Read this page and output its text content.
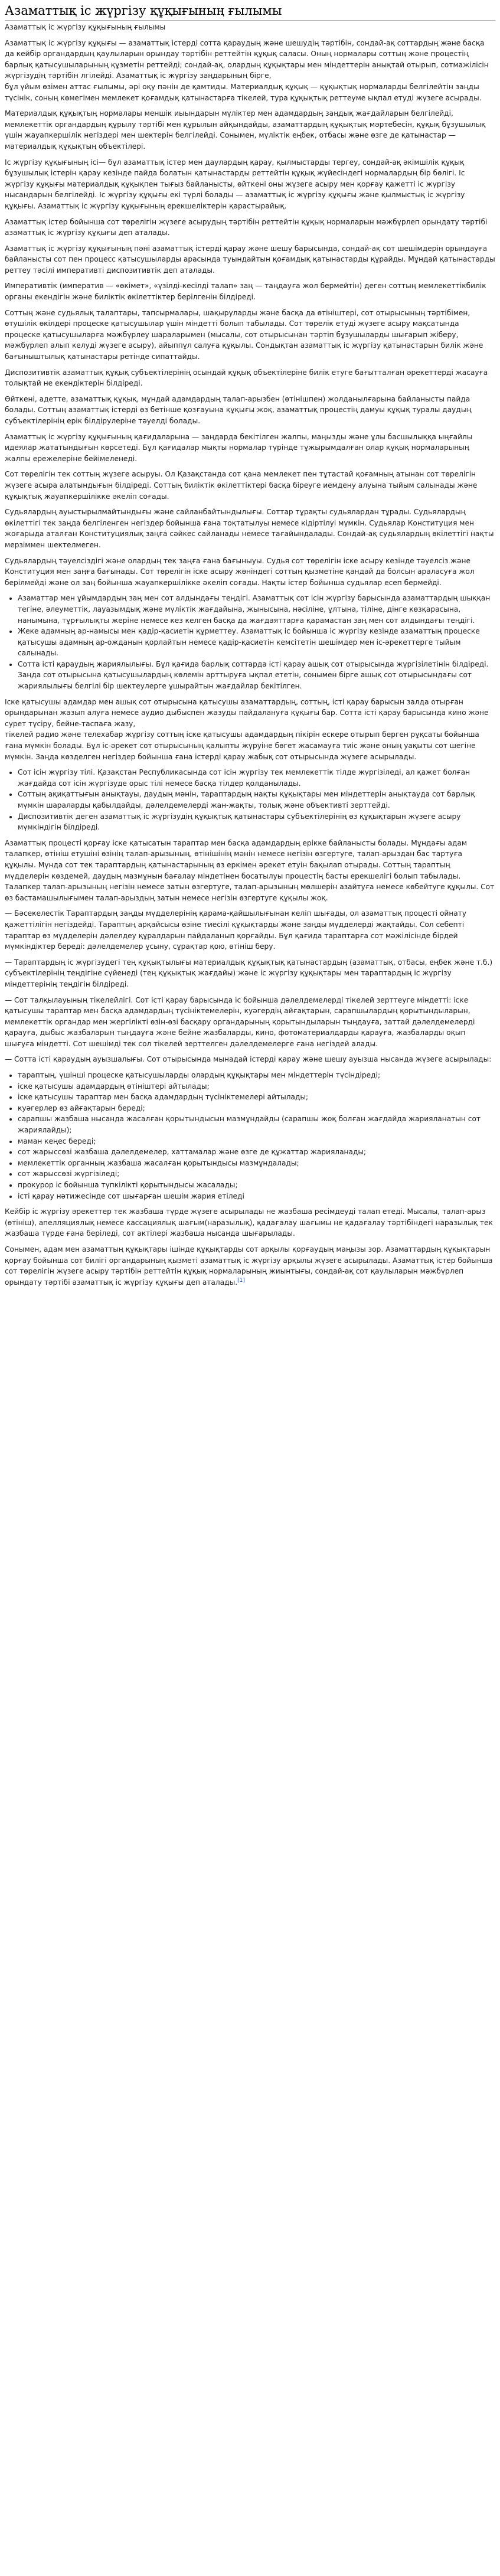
Азаматтық іс жүргізу құқығының ғылымы
Азаматтық іс жүргізу құқығының ғылымы

Азаматтық іс жүргізу құқығы — азаматтық істерді сотта қараудың және шешудің тәртібін, сондай-ақ соттардың және басқа да кейбір органдардың қаулыларын орындау тәртібін реттейтін құқық саласы. Оның нормалары соттың және процестің барлық қатысушыларының құзметін реттейді; сондай-ақ, олардың құқықтары мен міндеттерін анықтай отырып, сотмажілісін жүргізудің тәртібін лгілейді. Азаматтық іс жүргізу заңдарының бірге,
бұл үйым өзімен аттас ғылымы, әрі оқу пәнін де қамтиды. Материалдық құқық — құқықтық нормаларды белгілейтін заңды түсінік, соның көмегімен мемлекет қоғамдық қатынастарға тікелей, тура құқықтық реттеуме ықпал етуді жүзеге асырады.

Материалдық құқықтың нормалары меншік иыындарын мүліктер мен адамдардың заңдық жағдайларын белгілейді, мемлекеттік органдардың құрылу тәртібі мен құрылын айқындайды, азаматтардың құқықтық мәртебесін, құқық бұзушылық үшін жауапкершілік негіздері мен шектерін белгілейді. Сонымен, мүліктік еңбек, отбасы және өзге де қатынастар — материалдық құқықтың объектілері.

Іс жүргізу құқығының ісі— бұл азаматтық істер мен даулардың қарау, қылмыстарды тергеу, сондай-ақ әкімшілік құқық бұзушылық істерін қарау кезінде пайда болатын қатынастарды реттейтін құқық жүйесіндегі нормалардың бір бөлігі. Іс жүргізу құқығы материалдық құқықпен тығыз байланысты, өйткені оны жүзеге асыру мен қорғау қажетті іс жүргізу нысандарын белгілейді. Іс жүргізу құқығы екі түрлі болады — азаматтық іс жүргізу құқығы және қылмыстық іс жүргізу құқығы. Азаматтық іс жүргізу құқығының ерекшеліктерін қарастырайық.

Азаматтық істер бойынша сот төрелігін жүзеге асырудың тәртібін реттейтін құқық нормаларын мәжбүрлеп орындату тәртібі азаматтық іс жүргізу құқығы деп аталады.

Азаматтық іс жүргізу құқығының пәні азаматтық істерді қарау және шешу барысында, сондай-ақ сот шешімдерін орындауға байланысты сот пен процесс қатысушыларды арасында туындайтын қоғамдық қатынастарды құрайды. Мұндай қатынастарды реттеу тәсілі императивті диспозитивтік деп аталады.

Императивтік (императив — «өкімет», «үзілді-кесілді талап» заң — таңдауға жол бермейтін) деген соттың мемлекеттікбилік органы екендігін және биліктік өкілеттіктер берілгенін білдіреді.

Соттың және судьялық талаптары, тапсырмалары, шақыруларды және басқа да өтініштері, сот отырысының тәртібімен, өтушілік өкілдері процеске қатысушылар үшін міндетті болып табылады. Сот төрелік етуді жүзеге асыру мақсатында процеске қатысушыларға мәжбүрлеу шараларымен (мысалы, сот отырысынан тәртіп бұзушыларды шығарып жіберу, мәжбүрлеп алып келуді жүзеге асыру), айыппұл салуға құқылы. Сондықтан азаматтық іс жүргізу қатынастарын билік және бағыныштылық қатынастары ретінде сипаттайды.

Диспозитивтік азаматтық құқық субъектілерінің осындай құқық объектілеріне билік етуге бағытталған әрекеттерді жасауға толықтай не екендіктерін білдіреді.

Өйткені, адетте, азаматтық құқық, мұндай адамдардың талап-арызбен (өтінішпен) жолданылғарына байланысты пайда болады. Соттың азаматтық істерді өз бетінше қозғауына құқығы жоқ, азаматтық процестің дамуы құқық туралы даудың субъектілерінің ерік білдірулеріне тәуелді болады.

Азаматтық іс жүргізу құқығының қағидаларына — заңдарда бекітілген жалпы, маңызды және ұлы басшылыққа ыңғайлы идеялар жататындығын көрсетеді. Бұл қағидалар мықты нормалар түрінде тұжырымдалған олар құқық нормаларының жалпы ережелеріне бейімеленеді.

Сот төрелігін тек соттың жүзеге асыруы. Ол Қазақстанда сот қана мемлекет пен тұтастай қоғамның атынан сот төрелігін жүзеге асыра алатындығын білдіреді. Соттың биліктік өкілеттіктері басқа біреуге иемдену алуына тыйым салынады және құқықтық жауапкершілікке әкеліп соғады.

Судьялардың ауыстырылмайтындығы және сайланбайтындылығы. Соттар тұрақты судьялардан тұрады. Судьялардың өкілеттігі тек заңда белгіленген негіздер бойынша ғана тоқтатылуы немесе кідіртілуі мүмкін. Судьялар Конституция мен жоғарыда аталған Конституциялық заңға сәйкес сайланады немесе тағайындалады. Сондай-ақ судьялардың өкілеттігі нақты мерзіммен шектелмеген.

Судьялардың тәуелсіздігі және олардың тек заңға ғана бағыныуы. Судья сот төрелігін іске асыру кезінде тәуелсіз және Конституция мен заңға бағынады. Сот төрелігін іске асыру жөніндегі соттың қызметіне қандай да болсын араласуға жол берілмейді және ол заң бойынша жауапкершілікке әкеліп соғады. Нақты істер бойынша судьялар есеп бермейді.

• Азаматтар мен ұйымдардың заң мен сот алдындағы теңдігі. Азаматтық сот ісін жүргізу барысында азаматтардың шыққан тегіне, әлеуметтік, лауазымдық және мүліктік жағдайына, жынысына, нәсіліне, ұлтына, тіліне, дінге көзқарасына, нанымына, тұрғылықты жеріне немесе кез келген басқа да жағдаяттарға қарамастан заң мен сот алдындағы теңдігі.
• Жеке адамның ар-намысы мен қадір-қасиетін құрметтеу. Азаматтық іс бойынша іс жүргізу кезінде азаматтың процеске қатысушы адамның ар-ожданын қорлайтын немесе қадір-қасиетін кемсітетін шешімдер мен іс-әрекеттерге тыйым салынады.
• Сотта істі қараудың жариялылығы. Бұл қағида барлық соттарда істі қарау ашық сот отырысында жүргізілетінін білдіреді. Заңда сот отырысына қатысушылардың көлемін арттыруға ықпал ететін, сонымен бірге ашық сот отырысындағы сот жариялылығы белгілі бір шектеулерге ұшырайтын жағдайлар бекітілген.

Іске қатысушы адамдар мен ашық сот отырысына қатысушы азаматтардың, соттың, істі қарау барысын залда отырған орындарынан жазып алуға немесе аудио дыбыспен жазуды пайдалануға құқығы бар. Сотта істі қарау барысында кино және сурет түсіру, бейне-таспаға жазу,
тікелей радио және телехабар жүргізу соттың іске қатысушы адамдардың пікірін ескере отырып берген рұқсаты бойынша ғана мүмкін болады. Бұл іс-әрекет сот отырысының қалыпты жүруіне бөгет жасамауға тиіс және оның уақыты сот шегіне мүмкін. Заңда көзделген негіздер бойынша ғана істерді қарау жабық сот отырысында жүзеге асырылады.

• Сот ісін жүргізу тілі. Қазақстан Республикасында сот ісін жүргізу тек мемлекеттік тілде жүргізіледі, ал қажет болған жағдайда сот ісін жүргізуде орыс тілі немесе басқа тілдер қолданылады.
• Соттың ақиқаттығын анықтауы, даудың мәнін, тараптардың нақты құқықтары мен міндеттерін анықтауда сот барлық мүмкін шараларды қабылдайды, дәлелдемелерді жан-жақты, толық және объективті зерттейді.
• Диспозитивтік деген азаматтық іс жүргізудің құқықтық қатынастары субъектілерінің өз құқықтарын жүзеге асыру мүмкіндігін білдіреді.

Азаматтық процесті қорғау іске қатысатын тараптар мен басқа адамдардың ерікке байланысты болады. Мұндағы адам талапкер, өтініш етушіні өзінің талап-арызының, өтінішінің мәнін немесе негізін өзгертуге, талап-арыздан бас тартуға құқылы. Мүнда сот тек тараптардың қатынастарының өз еркімен әрекет етуін бақылап отырады. Соттың тараптың мүдделерін көздемей, даудың мазмұнын бағалау міндетінен босатылуы процестің басты ерекшелігі болып табылады. Талапкер талап-арызының негізін немесе затын өзгертуге, талап-арызының мөлшерін азайтуға немесе көбейтуге құқылы. Сот өз бастамашылығымен талап-арыздың затын немесе негізін өзгертуге құқылы жоқ.

— Бәсекелестік Тараптардың заңды мүдделерінің қарама-қайшылығынан келіп шығады, ол азаматтық процесті ойнату қажеттілігін негіздейді. Тараптың арқайсысы өзіне тиесілі құқықтарды және заңды мүдделерді жақтайды. Сол себепті тараптар өз мүдделерін дәлелдеу құралдарын пайдаланып қорғайды. Бұл қағида тараптарға сот мәжілісінде бірдей мүмкіндіктер береді: дәлелдемелер ұсыну, сұрақтар қою, өтініш беру.

— Тараптардың іс жүргізудегі тең құқықтылығы материалдық құқықтық қатынастардың (азаматтық, отбасы, еңбек және т.б.) субъектілерінің теңдігіне сүйенеді (тең құқықтық жағдайы) және іс жүргізу құқықтары мен тараптардың іс жүргізу міндеттерінің теңдігін білдіреді.

— Сот талқылауының тікелейлігі. Сот істі қарау барысында іс бойынша дәлелдемелерді тікелей зерттеуге міндетті: іске қатысушы тараптар мен басқа адамдардың түсініктемелерін, куәгердің айғақтарын, сарапшылардың қорытындыларын, мемлекеттік органдар мен жергілікті өзін-өзі басқару органдарының қорытындыларын тыңдауға, заттай дәлелдемелерді қарауға, дыбыс жазбаларын тыңдауға және бейне жазбаларды, кино, фотоматериалдарды қарауға, жазбаларды оқып шығуға міндетті. Сот шешімді тек сол тікелей зерттелген дәлелдемелерге ғана негіздей алады.

— Сотта істі қараудың ауызшалығы. Сот отырысында мынадай істерді қарау және шешу ауызша нысанда жүзеге асырылады:

• тараптың, үшінші процеске қатысушыларды олардың құқықтары мен міндеттерін түсіндіреді;
• іске қатысушы адамдардың өтініштері айтылады;
• іске қатысушы тараптар мен басқа адамдардың түсініктемелері айтылады;
• куәгерлер өз айғақтарын береді;
• сарапшы жазбаша нысанда жасалған қорытындысын мазмұндайды (сарапшы жоқ болған жағдайда жарияланатын сот жариялайды);
• маман кеңес береді;
• сот жарыссөзі жазбаша дәлелдемелер, хаттамалар және өзге де құжаттар жарияланады;
• мемлекеттік органның жазбаша жасалған қорытындысы мазмұндалады;
• сот жарыссөзі жүргізіледі;
• прокурор іс бойынша түпкілікті қорытындысы жасалады;
• істі қарау нәтижесінде сот шығарған шешім жария етіледі

Кейбір іс жүргізу әрекеттер тек жазбаша түрде жүзеге асырылады не жазбаша ресімдеуді талап етеді. Мысалы, талап-арыз (өтініш), апелляциялық немесе кассациялық шағым(наразылық), қадағалау шағымы не қадағалау тәртібіндегі наразылық тек жазбаша түрде ғана беріледі, сот актілері жазбаша нысанда шығарылады.

Сонымен, адам мен азаматтың құқықтары ішінде құқықтарды сот арқылы қорғаудың маңызы зор. Азаматтардың құқықтарын қорғау бойынша сот билігі органдарының қызметі азаматтық іс жүргізу арқылы жүзеге асырылады. Азаматтық істер бойынша сот төрелігін жүзеге асыру тәртібін реттейтін құқық нормаларының жиынтығы, сондай-ақ сот қаулыларын мәжбүрлеп орындату тәртібі азаматтық іс жүргізу құқығы деп аталады.[1]
